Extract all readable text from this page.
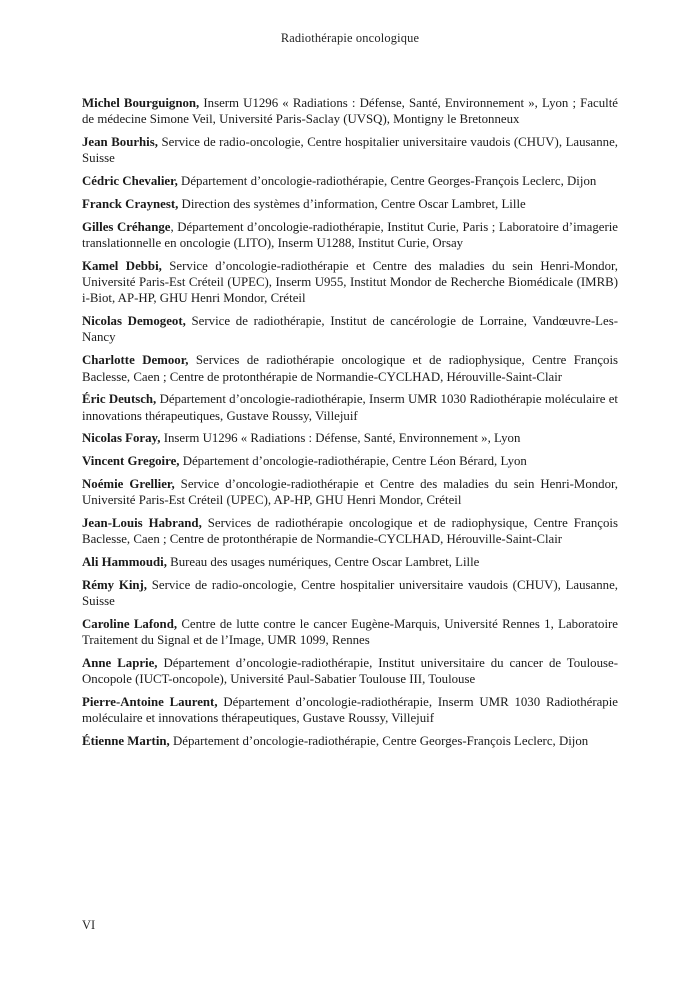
Radiothérapie oncologique

Michel Bourguignon, Inserm U1296 « Radiations : Défense, Santé, Environnement », Lyon ; Faculté de médecine Simone Veil, Université Paris-Saclay (UVSQ), Montigny le Bretonneux

Jean Bourhis, Service de radio-oncologie, Centre hospitalier universitaire vaudois (CHUV), Lausanne, Suisse

Cédric Chevalier, Département d’oncologie-radiothérapie, Centre Georges-François Leclerc, Dijon

Franck Craynest, Direction des systèmes d’information, Centre Oscar Lambret, Lille

Gilles Créhange, Département d’oncologie-radiothérapie, Institut Curie, Paris ; Laboratoire d’imagerie translationnelle en oncologie (LITO), Inserm U1288, Institut Curie, Orsay

Kamel Debbi, Service d’oncologie-radiothérapie et Centre des maladies du sein Henri-Mondor, Université Paris-Est Créteil (UPEC), Inserm U955, Institut Mondor de Recherche Biomédicale (IMRB) i-Biot, AP-HP, GHU Henri Mondor, Créteil

Nicolas Demogeot, Service de radiothérapie, Institut de cancérologie de Lorraine, Vandœuvre-Les-Nancy

Charlotte Demoor, Services de radiothérapie oncologique et de radiophysique, Centre François Baclesse, Caen ; Centre de protonthérapie de Normandie-CYCLHAD, Hérouville-Saint-Clair

Éric Deutsch, Département d’oncologie-radiothérapie, Inserm UMR 1030 Radiothérapie moléculaire et innovations thérapeutiques, Gustave Roussy, Villejuif

Nicolas Foray, Inserm U1296 « Radiations : Défense, Santé, Environnement », Lyon

Vincent Gregoire, Département d’oncologie-radiothérapie, Centre Léon Bérard, Lyon

Noémie Grellier, Service d’oncologie-radiothérapie et Centre des maladies du sein Henri-Mondor, Université Paris-Est Créteil (UPEC), AP-HP, GHU Henri Mondor, Créteil

Jean-Louis Habrand, Services de radiothérapie oncologique et de radiophysique, Centre François Baclesse, Caen ; Centre de protonthérapie de Normandie-CYCLHAD, Hérouville-Saint-Clair

Ali Hammoudi, Bureau des usages numériques, Centre Oscar Lambret, Lille

Rémy Kinj, Service de radio-oncologie, Centre hospitalier universitaire vaudois (CHUV), Lausanne, Suisse

Caroline Lafond, Centre de lutte contre le cancer Eugène-Marquis, Université Rennes 1, Laboratoire Traitement du Signal et de l’Image, UMR 1099, Rennes

Anne Laprie, Département d’oncologie-radiothérapie, Institut universitaire du cancer de Toulouse-Oncopole (IUCT-oncopole), Université Paul-Sabatier Toulouse III, Toulouse

Pierre-Antoine Laurent, Département d’oncologie-radiothérapie, Inserm UMR 1030 Radiothérapie moléculaire et innovations thérapeutiques, Gustave Roussy, Villejuif

Étienne Martin, Département d’oncologie-radiothérapie, Centre Georges-François Leclerc, Dijon

VI
